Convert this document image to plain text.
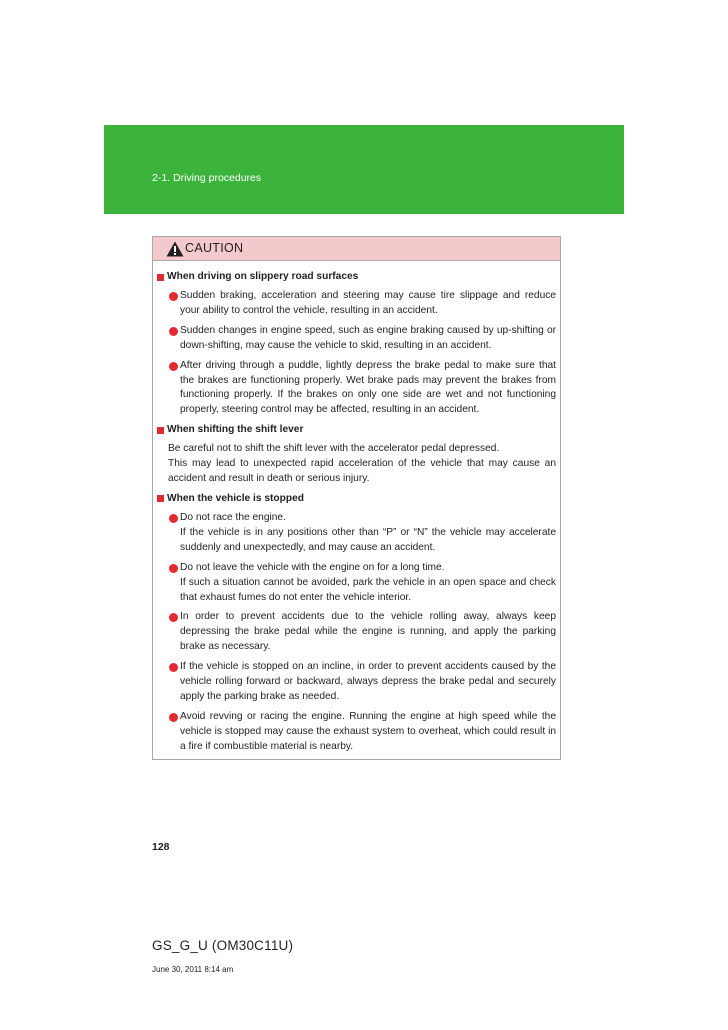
2-1. Driving procedures
CAUTION
When driving on slippery road surfaces
Sudden braking, acceleration and steering may cause tire slippage and reduce your ability to control the vehicle, resulting in an accident.
Sudden changes in engine speed, such as engine braking caused by up-shifting or down-shifting, may cause the vehicle to skid, resulting in an accident.
After driving through a puddle, lightly depress the brake pedal to make sure that the brakes are functioning properly. Wet brake pads may prevent the brakes from functioning properly. If the brakes on only one side are wet and not functioning properly, steering control may be affected, resulting in an accident.
When shifting the shift lever
Be careful not to shift the shift lever with the accelerator pedal depressed.
This may lead to unexpected rapid acceleration of the vehicle that may cause an accident and result in death or serious injury.
When the vehicle is stopped
Do not race the engine.
If the vehicle is in any positions other than “P” or “N” the vehicle may accelerate suddenly and unexpectedly, and may cause an accident.
Do not leave the vehicle with the engine on for a long time.
If such a situation cannot be avoided, park the vehicle in an open space and check that exhaust fumes do not enter the vehicle interior.
In order to prevent accidents due to the vehicle rolling away, always keep depressing the brake pedal while the engine is running, and apply the parking brake as necessary.
If the vehicle is stopped on an incline, in order to prevent accidents caused by the vehicle rolling forward or backward, always depress the brake pedal and securely apply the parking brake as needed.
Avoid revving or racing the engine. Running the engine at high speed while the vehicle is stopped may cause the exhaust system to overheat, which could result in a fire if combustible material is nearby.
128
GS_G_U (OM30C11U)
June 30, 2011 8:14 am
